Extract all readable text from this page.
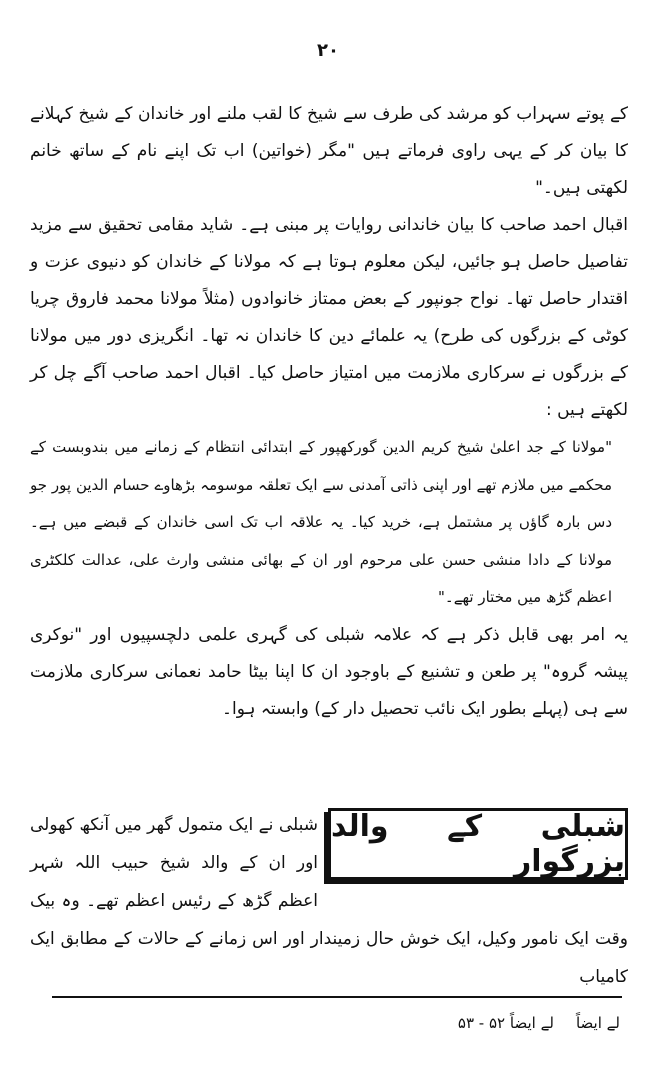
۲۰

کے پوتے سہراب کو مرشد کی طرف سے شیخ کا لقب ملنے اور خاندان کے شیخ کہلانے کا بیان کر کے یہی راوی فرماتے ہیں "مگر (خواتین) اب تک اپنے نام کے ساتھ خانم لکھتی ہیں۔"

اقبال احمد صاحب کا بیان خاندانی روایات پر مبنی ہے۔ شاید مقامی تحقیق سے مزید تفاصیل حاصل ہو جائیں، لیکن معلوم ہوتا ہے کہ مولانا کے خاندان کو دنیوی عزت و اقتدار حاصل تھا۔ نواح جونپور کے بعض ممتاز خانوادوں (مثلاً مولانا محمد فاروق چریا کوٹی کے بزرگوں کی طرح) یہ علمائے دین کا خاندان نہ تھا۔ انگریزی دور میں مولانا کے بزرگوں نے سرکاری ملازمت میں امتیاز حاصل کیا۔ اقبال احمد صاحب آگے چل کر لکھتے ہیں :

"مولانا کے جد اعلیٰ شیخ کریم الدین گورکھپور کے ابتدائی انتظام کے زمانے میں بندوبست کے محکمے میں ملازم تھے اور اپنی ذاتی آمدنی سے ایک تعلقہ موسومہ بڑھاوے حسام الدین پور جو دس بارہ گاؤں پر مشتمل ہے، خرید کیا۔ یہ علاقہ اب تک اسی خاندان کے قبضے میں ہے۔ مولانا کے دادا منشی حسن علی مرحوم اور ان کے بھائی منشی وارث علی، عدالت کلکٹری اعظم گڑھ میں مختار تھے۔"

یہ امر بھی قابل ذکر ہے کہ علامہ شبلی کی گہری علمی دلچسپیوں اور "نوکری پیشہ گروہ" پر طعن و تشنیع کے باوجود ان کا اپنا بیٹا حامد نعمانی سرکاری ملازمت سے ہی (پہلے بطور ایک نائب تحصیل دار کے) وابستہ ہوا۔

شبلی کے والد بزرگوار

شبلی نے ایک متمول گھر میں آنکھ کھولی اور ان کے والد شیخ حبیب اللہ شہر اعظم گڑھ کے رئیس اعظم تھے۔ وہ بیک وقت ایک نامور وکیل، ایک خوش حال زمیندار اور اس زمانے کے حالات کے مطابق ایک کامیاب

لے ایضاً
لے ایضاً ۵۲ - ۵۳
